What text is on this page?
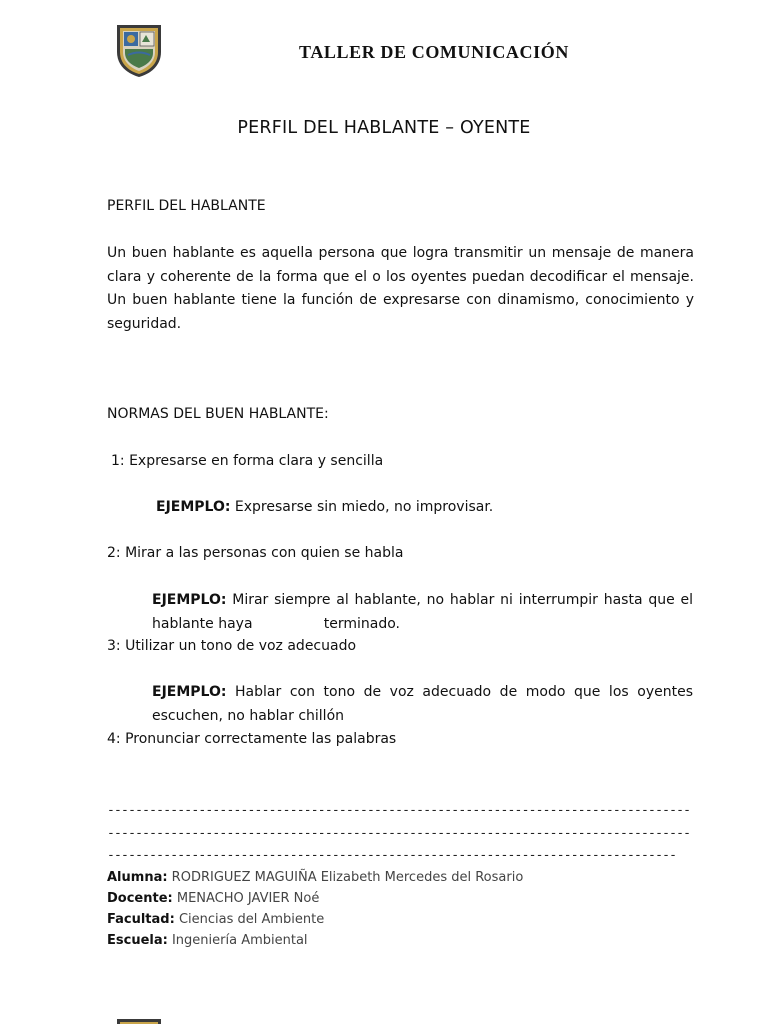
TALLER DE COMUNICACIÓN
PERFIL DEL HABLANTE – OYENTE
PERFIL DEL HABLANTE
Un buen hablante es aquella persona que logra transmitir un mensaje de manera clara y coherente de la forma que el o los oyentes puedan decodificar el mensaje. Un buen hablante tiene la función de expresarse con dinamismo, conocimiento y seguridad.
NORMAS DEL BUEN HABLANTE:
1: Expresarse en forma clara y sencilla
EJEMPLO: Expresarse sin miedo, no improvisar.
2: Mirar a las personas con quien se habla
EJEMPLO: Mirar siempre al hablante, no hablar ni interrumpir hasta que el hablante haya                terminado.
3: Utilizar un tono de voz adecuado
EJEMPLO: Hablar con tono de voz adecuado de modo que los oyentes escuchen, no hablar chillón
4: Pronunciar correctamente las palabras
-------------------------------------------------------------------------------------------------------------------------------------------------------------------------------------------------------------------------------------------------------
Alumna: RODRIGUEZ MAGUIÑA Elizabeth Mercedes del Rosario
Docente: MENACHO JAVIER Noé
Facultad: Ciencias del Ambiente
Escuela: Ingeniería Ambiental
